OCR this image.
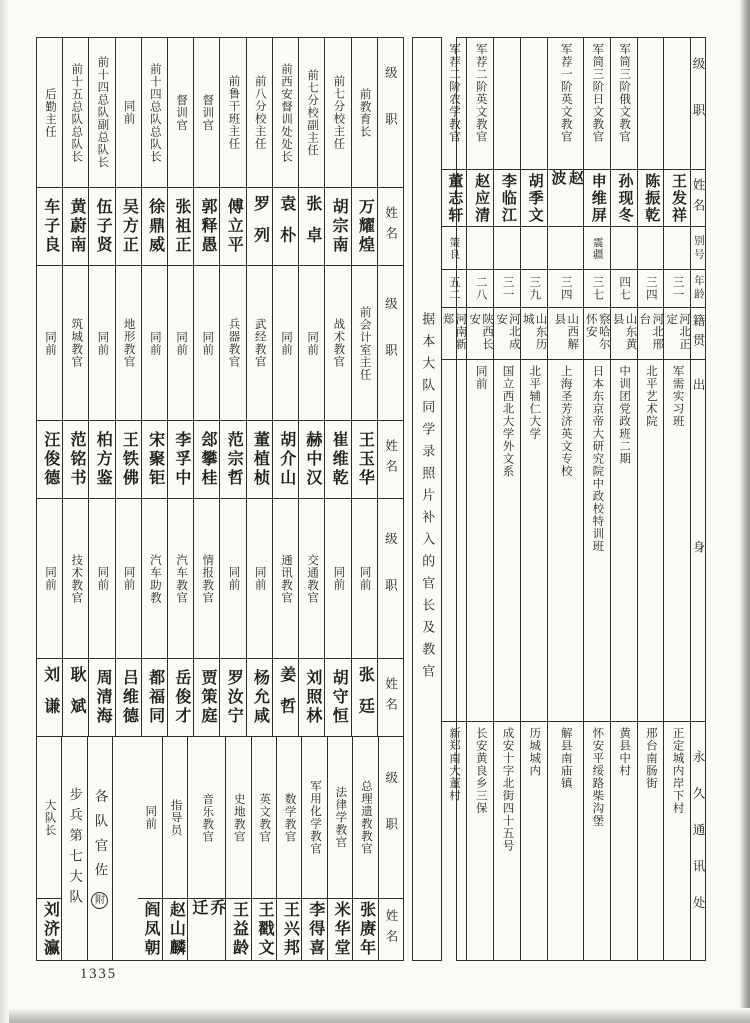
级职
姓名
别号
年龄
籍贯
出身
永久通讯处
王发祥
三一
河北正定
军需实习班
正定城内岸下村
陈振乾
三四
河北邢台
北平艺术院
邢台南肠街
军简三阶俄文教官
孙现冬
四七
山东黄县
中训团党政班二期
黄县中村
军简三阶日文教官
申维屏
震疆
三七
察哈尔怀安
日本东京帝大研究院中政校特训班
怀安平绥路柴沟堡
军荐一阶英文教官
赵波
三四
山西解县
上海圣芳济英文专校
解县南庙镇
胡季文
三九
山东历城
北平辅仁大学
历城城内
李临江
三一
河北成安
国立西北大学外文系
成安十字北街四十五号
军荐二阶英文教官
赵应清
二八
陕西长安
同前
长安黄良乡三保
军荐二阶农学教官
董志轩
策良
五二
河南新郑
新郑南大董村
据本大队同学录照片补入的官长及教官
级职
姓名
前教育长
万耀煌
前七分校主任
胡宗南
前七分校副主任
张卓
前西安督训处处长
袁朴
前八分校主任
罗列
前鲁干班主任
傅立平
督训官
郭释愚
督训官
张祖正
前十四总队总队长
徐鼎威
同前
吴方正
前十四总队副总队长
伍子贤
前十五总队总队长
黄蔚南
后勤主任
车子良
级职
姓名
前会计室主任
王玉华
战术教官
崔维乾
同前
赫中汉
同前
胡介山
武经教官
董植桢
兵器教官
范宗哲
同前
郐攀桂
同前
李孚中
同前
宋聚钜
地形教官
王铁佛
同前
柏方鉴
筑城教官
范铭书
同前
汪俊德
级职
姓名
同前
张廷
同前
胡守恒
交通教官
刘照林
通讯教官
姜哲
同前
杨允咸
同前
罗汝宁
情报教官
贾策庭
汽车教官
岳俊才
汽车助教
都福同
同前
吕维德
同前
周清海
技术教官
耿斌
同前
刘谦
级职
姓名
总理遗教教官
张赓年
法律学教官
米华堂
军用化学教官
李得喜
数学教官
王兴邦
英文教官
王戳文
史地教官
王益龄
音乐教官
乔迁
指导员
赵山麟
同前
阎凤朝
各队官佐
附
步兵第七大队
大队长
刘济瀛
1335
